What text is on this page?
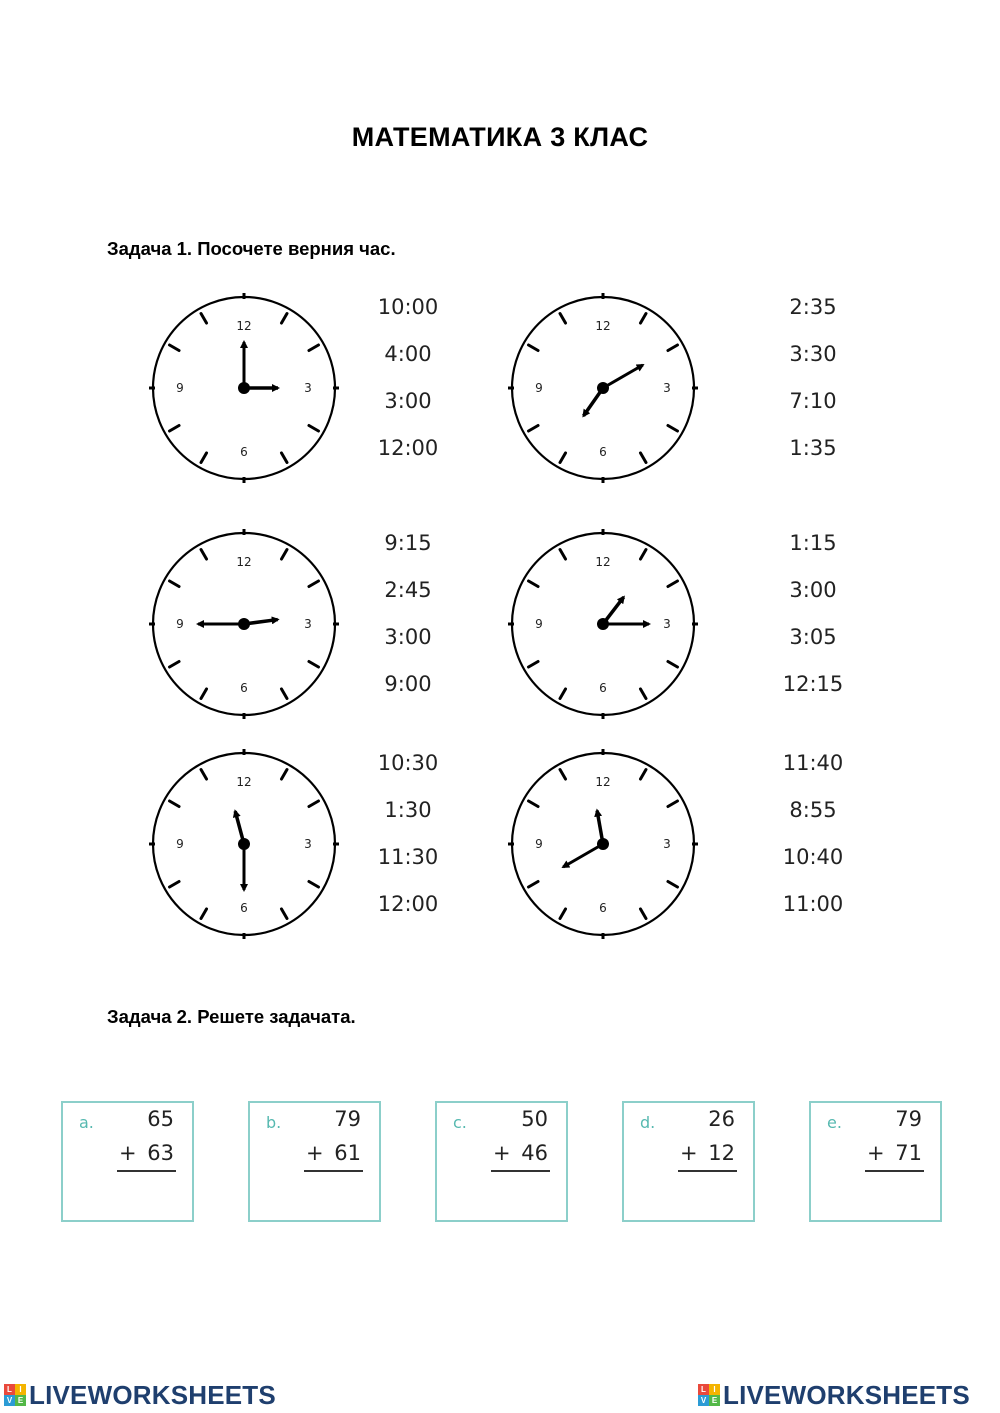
МАТЕМАТИКА 3 КЛАС
Задача 1. Посочете верния час.
12
3
6
9
12
3
6
9
12
3
6
9
12
3
6
9
12
3
6
9
12
3
6
9
10:00
4:00
3:00
12:00
2:35
3:30
7:10
1:35
9:15
2:45
3:00
9:00
1:15
3:00
3:05
12:15
10:30
1:30
11:30
12:00
11:40
8:55
10:40
11:00
Задача 2. Решете задачата.
a.	65
+ 63
b.	79
+ 61
c.	50
+ 46
d.	26
+ 12
e.	79
+ 71
L I
V E LIVEWORKSHEETS	L I
V E LIVEWORKSHEETS
